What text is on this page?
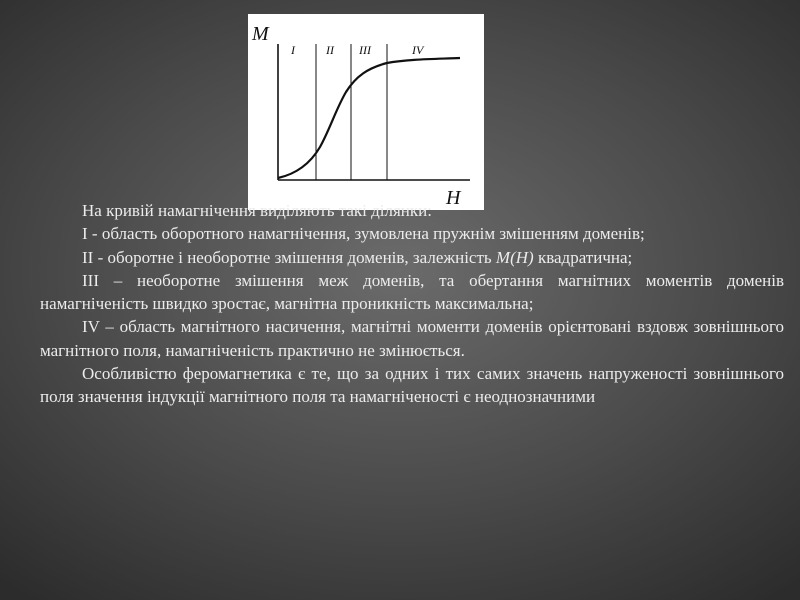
M
H
I	II III	IV

На кривій намагнічення виділяють такі ділянки:

I - область оборотного намагнічення, зумовлена пружнім змішенням доменів;

II - оборотне і необоротне змішення доменів, залежність M(H) квадратична;

III – необоротне змішення меж доменів, та обертання магнітних моментів доменів намагніченість швидко зростає, магнітна проникність максимальна;

IV – область магнітного насичення, магнітні моменти доменів орієнтовані вздовж зовнішнього магнітного поля, намагніченість практично не змінюється.

Особливістю феромагнетика є те, що за одних і тих самих значень напруженості зовнішнього поля значення індукції магнітного поля та намагніченості є неоднозначними
